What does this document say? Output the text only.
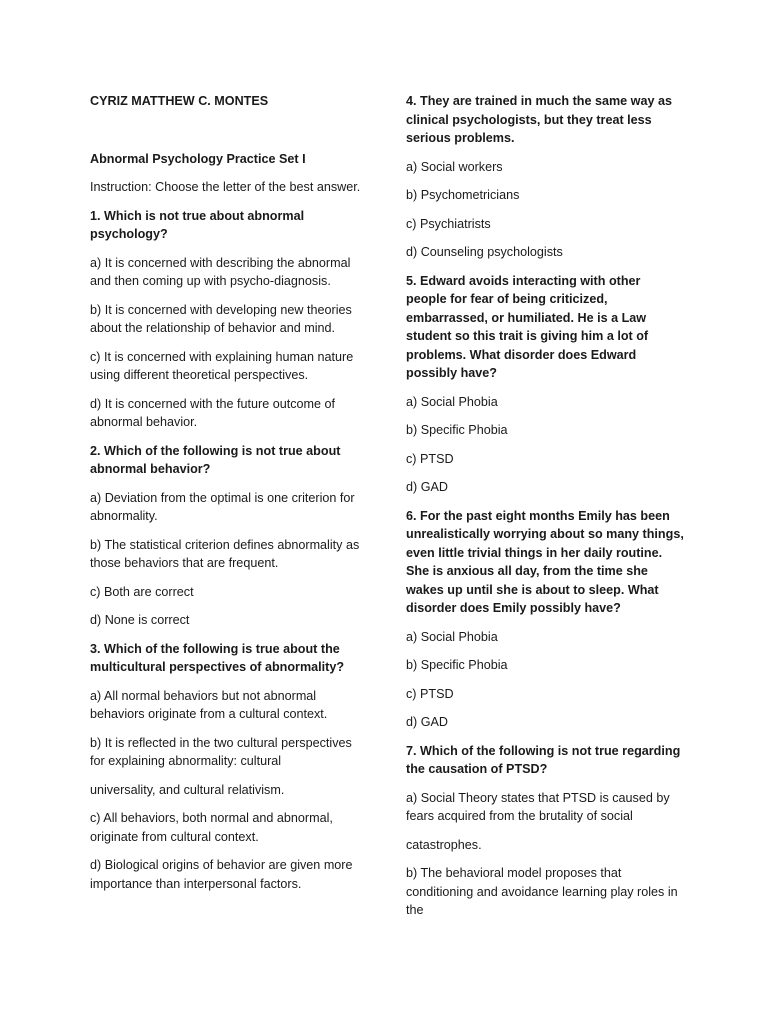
CYRIZ MATTHEW C. MONTES

Abnormal Psychology Practice Set I

Instruction: Choose the letter of the best answer.

1. Which is not true about abnormal psychology?

a) It is concerned with describing the abnormal and then coming up with psycho-diagnosis.

b) It is concerned with developing new theories about the relationship of behavior and mind.

c) It is concerned with explaining human nature using different theoretical perspectives.

d) It is concerned with the future outcome of abnormal behavior.

2. Which of the following is not true about abnormal behavior?

a) Deviation from the optimal is one criterion for abnormality.

b) The statistical criterion defines abnormality as those behaviors that are frequent.

c) Both are correct

d) None is correct

3. Which of the following is true about the multicultural perspectives of abnormality?

a) All normal behaviors but not abnormal behaviors originate from a cultural context.

b) It is reflected in the two cultural perspectives for explaining abnormality: cultural

universality, and cultural relativism.

c) All behaviors, both normal and abnormal, originate from cultural context.

d) Biological origins of behavior are given more importance than interpersonal factors.

4. They are trained in much the same way as clinical psychologists, but they treat less serious problems.

a) Social workers

b) Psychometricians

c) Psychiatrists

d) Counseling psychologists

5. Edward avoids interacting with other people for fear of being criticized, embarrassed, or humiliated. He is a Law student so this trait is giving him a lot of problems. What disorder does Edward possibly have?

a) Social Phobia

b) Specific Phobia

c) PTSD

d) GAD

6. For the past eight months Emily has been unrealistically worrying about so many things, even little trivial things in her daily routine. She is anxious all day, from the time she wakes up until she is about to sleep. What disorder does Emily possibly have?

a) Social Phobia

b) Specific Phobia

c) PTSD

d) GAD

7. Which of the following is not true regarding the causation of PTSD?

a) Social Theory states that PTSD is caused by fears acquired from the brutality of social

catastrophes.

b) The behavioral model proposes that conditioning and avoidance learning play roles in the
